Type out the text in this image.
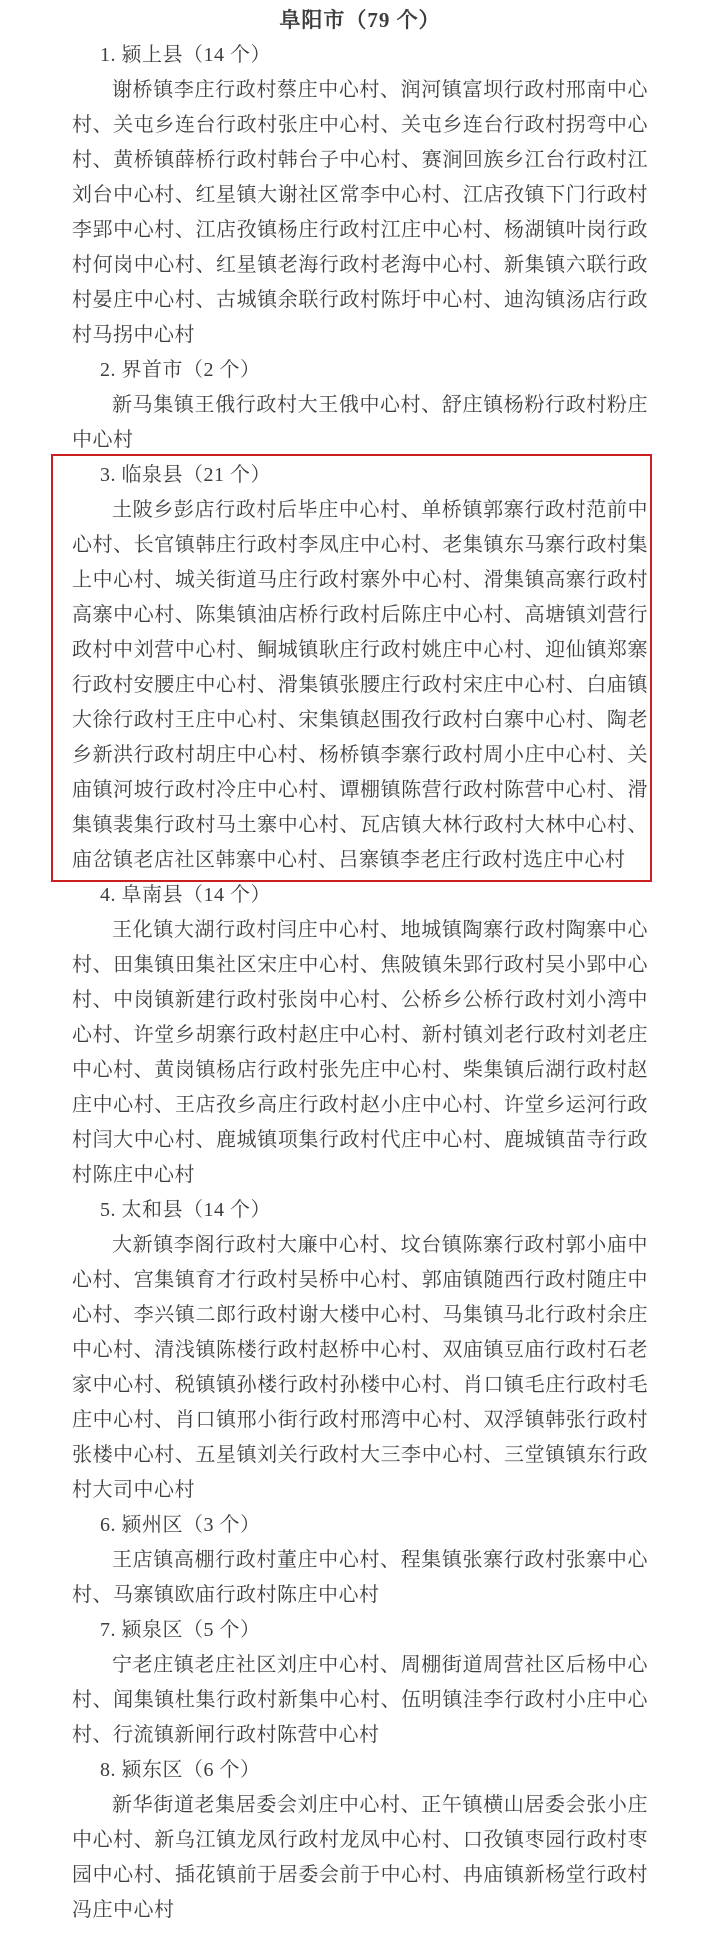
阜阳市（79 个）
1. 颍上县（14 个）

谢桥镇李庄行政村蔡庄中心村、润河镇富坝行政村邢南中心村、关屯乡连台行政村张庄中心村、关屯乡连台行政村拐弯中心村、黄桥镇薛桥行政村韩台子中心村、赛涧回族乡江台行政村江刘台中心村、红星镇大谢社区常李中心村、江店孜镇下门行政村李郢中心村、江店孜镇杨庄行政村江庄中心村、杨湖镇叶岗行政村何岗中心村、红星镇老海行政村老海中心村、新集镇六联行政村晏庄中心村、古城镇余联行政村陈圩中心村、迪沟镇汤店行政村马拐中心村

2. 界首市（2 个）

新马集镇王俄行政村大王俄中心村、舒庄镇杨粉行政村粉庄中心村

3. 临泉县（21 个）

土陂乡彭店行政村后毕庄中心村、单桥镇郭寨行政村范前中心村、长官镇韩庄行政村李凤庄中心村、老集镇东马寨行政村集上中心村、城关街道马庄行政村寨外中心村、滑集镇高寨行政村高寨中心村、陈集镇油店桥行政村后陈庄中心村、高塘镇刘营行政村中刘营中心村、鲖城镇耿庄行政村姚庄中心村、迎仙镇郑寨行政村安腰庄中心村、滑集镇张腰庄行政村宋庄中心村、白庙镇大徐行政村王庄中心村、宋集镇赵围孜行政村白寨中心村、陶老乡新洪行政村胡庄中心村、杨桥镇李寨行政村周小庄中心村、关庙镇河坡行政村冷庄中心村、谭棚镇陈营行政村陈营中心村、滑集镇裴集行政村马土寨中心村、瓦店镇大林行政村大林中心村、庙岔镇老店社区韩寨中心村、吕寨镇李老庄行政村选庄中心村

4. 阜南县（14 个）

王化镇大湖行政村闫庄中心村、地城镇陶寨行政村陶寨中心村、田集镇田集社区宋庄中心村、焦陂镇朱郢行政村吴小郢中心村、中岗镇新建行政村张岗中心村、公桥乡公桥行政村刘小湾中心村、许堂乡胡寨行政村赵庄中心村、新村镇刘老行政村刘老庄中心村、黄岗镇杨店行政村张先庄中心村、柴集镇后湖行政村赵庄中心村、王店孜乡高庄行政村赵小庄中心村、许堂乡运河行政村闫大中心村、鹿城镇项集行政村代庄中心村、鹿城镇苗寺行政村陈庄中心村

5. 太和县（14 个）

大新镇李阁行政村大廉中心村、坟台镇陈寨行政村郭小庙中心村、宫集镇育才行政村吴桥中心村、郭庙镇随西行政村随庄中心村、李兴镇二郎行政村谢大楼中心村、马集镇马北行政村余庄中心村、清浅镇陈楼行政村赵桥中心村、双庙镇豆庙行政村石老家中心村、税镇镇孙楼行政村孙楼中心村、肖口镇毛庄行政村毛庄中心村、肖口镇邢小街行政村邢湾中心村、双浮镇韩张行政村张楼中心村、五星镇刘关行政村大三李中心村、三堂镇镇东行政村大司中心村

6. 颍州区（3 个）

王店镇高棚行政村董庄中心村、程集镇张寨行政村张寨中心村、马寨镇欧庙行政村陈庄中心村

7. 颍泉区（5 个）

宁老庄镇老庄社区刘庄中心村、周棚街道周营社区后杨中心村、闻集镇杜集行政村新集中心村、伍明镇洼李行政村小庄中心村、行流镇新闸行政村陈营中心村

8. 颍东区（6 个）

新华街道老集居委会刘庄中心村、正午镇横山居委会张小庄中心村、新乌江镇龙凤行政村龙凤中心村、口孜镇枣园行政村枣园中心村、插花镇前于居委会前于中心村、冉庙镇新杨堂行政村冯庄中心村
